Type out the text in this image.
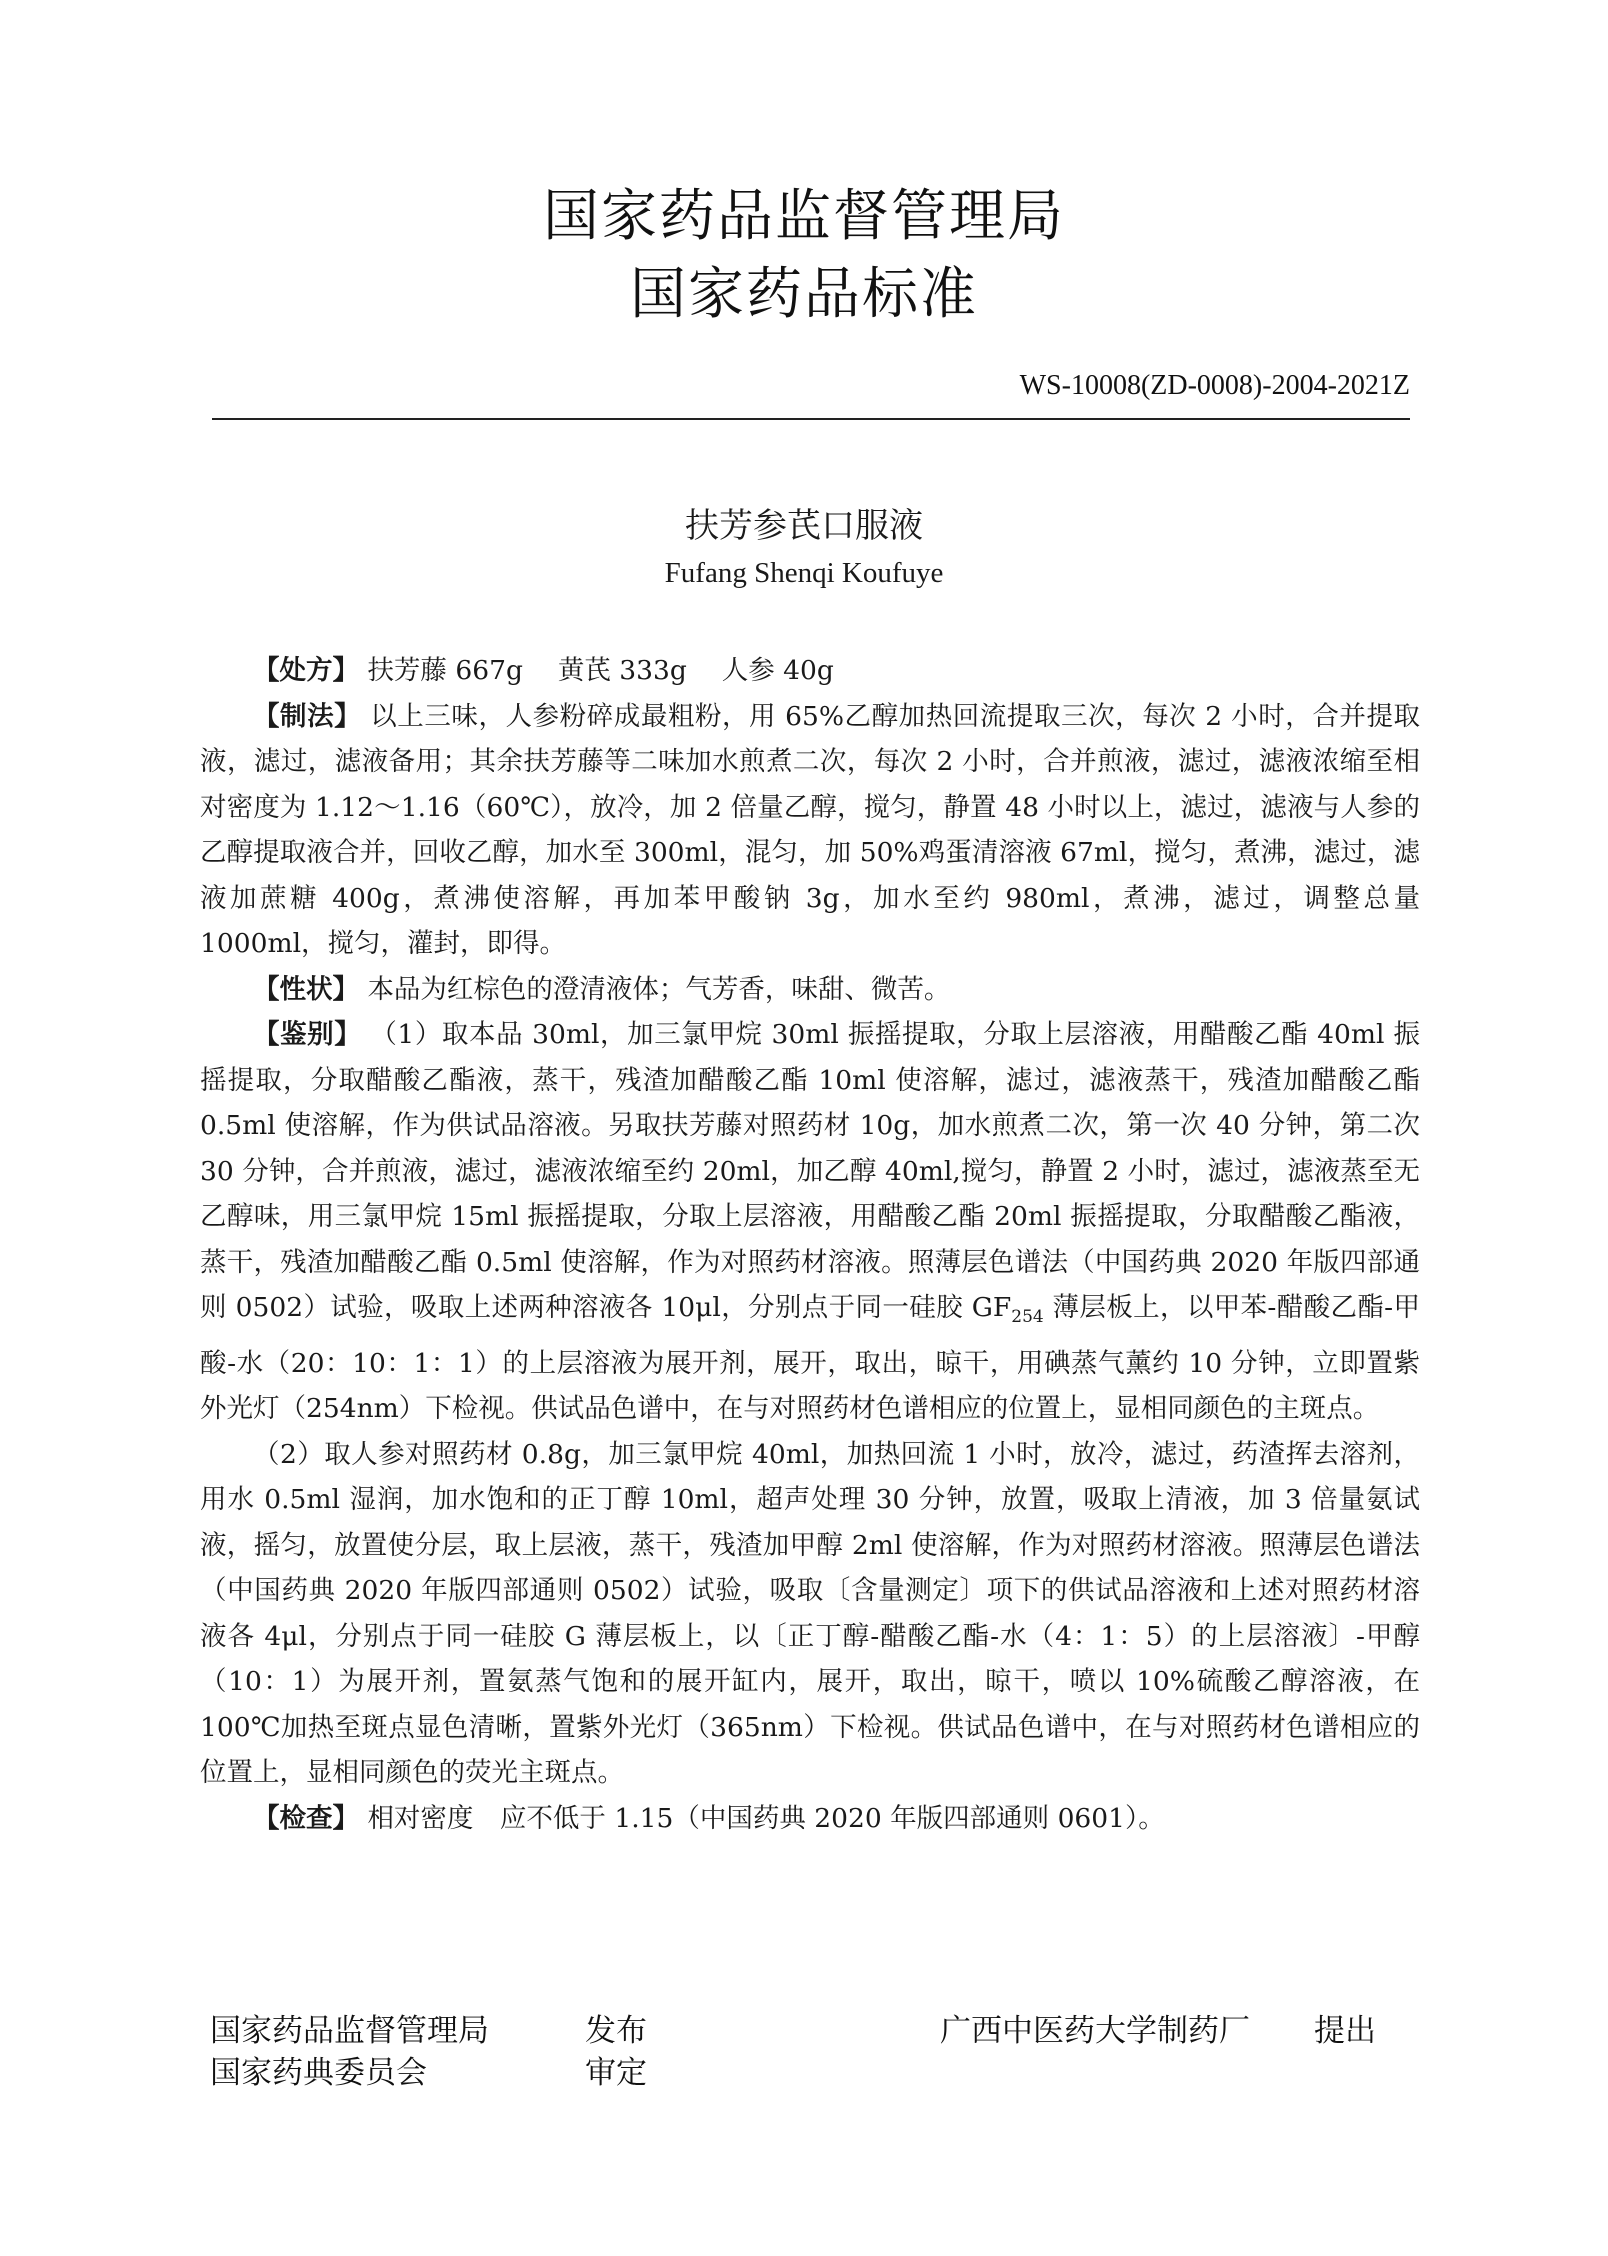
国家药品监督管理局
国家药品标准
WS-10008(ZD-0008)-2004-2021Z
扶芳参芪口服液
Fufang Shenqi Koufuye

【处方】 扶芳藤 667g　 黄芪 333g　 人参 40g

【制法】 以上三味，人参粉碎成最粗粉，用 65%乙醇加热回流提取三次，每次 2 小时，合并提取液，滤过，滤液备用；其余扶芳藤等二味加水煎煮二次，每次 2 小时，合并煎液，滤过，滤液浓缩至相对密度为 1.12～1.16（60℃），放冷，加 2 倍量乙醇，搅匀，静置 48 小时以上，滤过，滤液与人参的乙醇提取液合并，回收乙醇，加水至 300ml，混匀，加 50%鸡蛋清溶液 67ml，搅匀，煮沸，滤过，滤液加蔗糖 400g，煮沸使溶解，再加苯甲酸钠 3g，加水至约 980ml，煮沸，滤过，调整总量 1000ml，搅匀，灌封，即得。

【性状】 本品为红棕色的澄清液体；气芳香，味甜、微苦。

【鉴别】 （1）取本品 30ml，加三氯甲烷 30ml 振摇提取，分取上层溶液，用醋酸乙酯 40ml 振摇提取，分取醋酸乙酯液，蒸干，残渣加醋酸乙酯 10ml 使溶解，滤过，滤液蒸干，残渣加醋酸乙酯 0.5ml 使溶解，作为供试品溶液。另取扶芳藤对照药材 10g，加水煎煮二次，第一次 40 分钟，第二次 30 分钟，合并煎液，滤过，滤液浓缩至约 20ml，加乙醇 40ml,搅匀，静置 2 小时，滤过，滤液蒸至无乙醇味，用三氯甲烷 15ml 振摇提取，分取上层溶液，用醋酸乙酯 20ml 振摇提取，分取醋酸乙酯液，蒸干，残渣加醋酸乙酯 0.5ml 使溶解，作为对照药材溶液。照薄层色谱法（中国药典 2020 年版四部通则 0502）试验，吸取上述两种溶液各 10μl，分别点于同一硅胶 $GF_{254}$ 薄层板上，以甲苯-醋酸乙酯-甲酸-水（20：10：1：1）的上层溶液为展开剂，展开，取出，晾干，用碘蒸气薰约 10 分钟，立即置紫外光灯（254nm）下检视。供试品色谱中，在与对照药材色谱相应的位置上，显相同颜色的主斑点。

（2）取人参对照药材 0.8g，加三氯甲烷 40ml，加热回流 1 小时，放冷，滤过，药渣挥去溶剂，用水 0.5ml 湿润，加水饱和的正丁醇 10ml，超声处理 30 分钟，放置，吸取上清液，加 3 倍量氨试液，摇匀，放置使分层，取上层液，蒸干，残渣加甲醇 2ml 使溶解，作为对照药材溶液。照薄层色谱法（中国药典 2020 年版四部通则 0502）试验，吸取〔含量测定〕项下的供试品溶液和上述对照药材溶液各 4μl，分别点于同一硅胶 G 薄层板上，以〔正丁醇-醋酸乙酯-水（4：1：5）的上层溶液〕-甲醇（10：1）为展开剂，置氨蒸气饱和的展开缸内，展开，取出，晾干，喷以 10%硫酸乙醇溶液，在 100℃加热至斑点显色清晰，置紫外光灯（365nm）下检视。供试品色谱中，在与对照药材色谱相应的位置上，显相同颜色的荧光主斑点。

【检查】 相对密度　应不低于 1.15（中国药典 2020 年版四部通则 0601）。

国家药品监督管理局
国家药典委员会
发布
审定
广西中医药大学制药厂 提出
